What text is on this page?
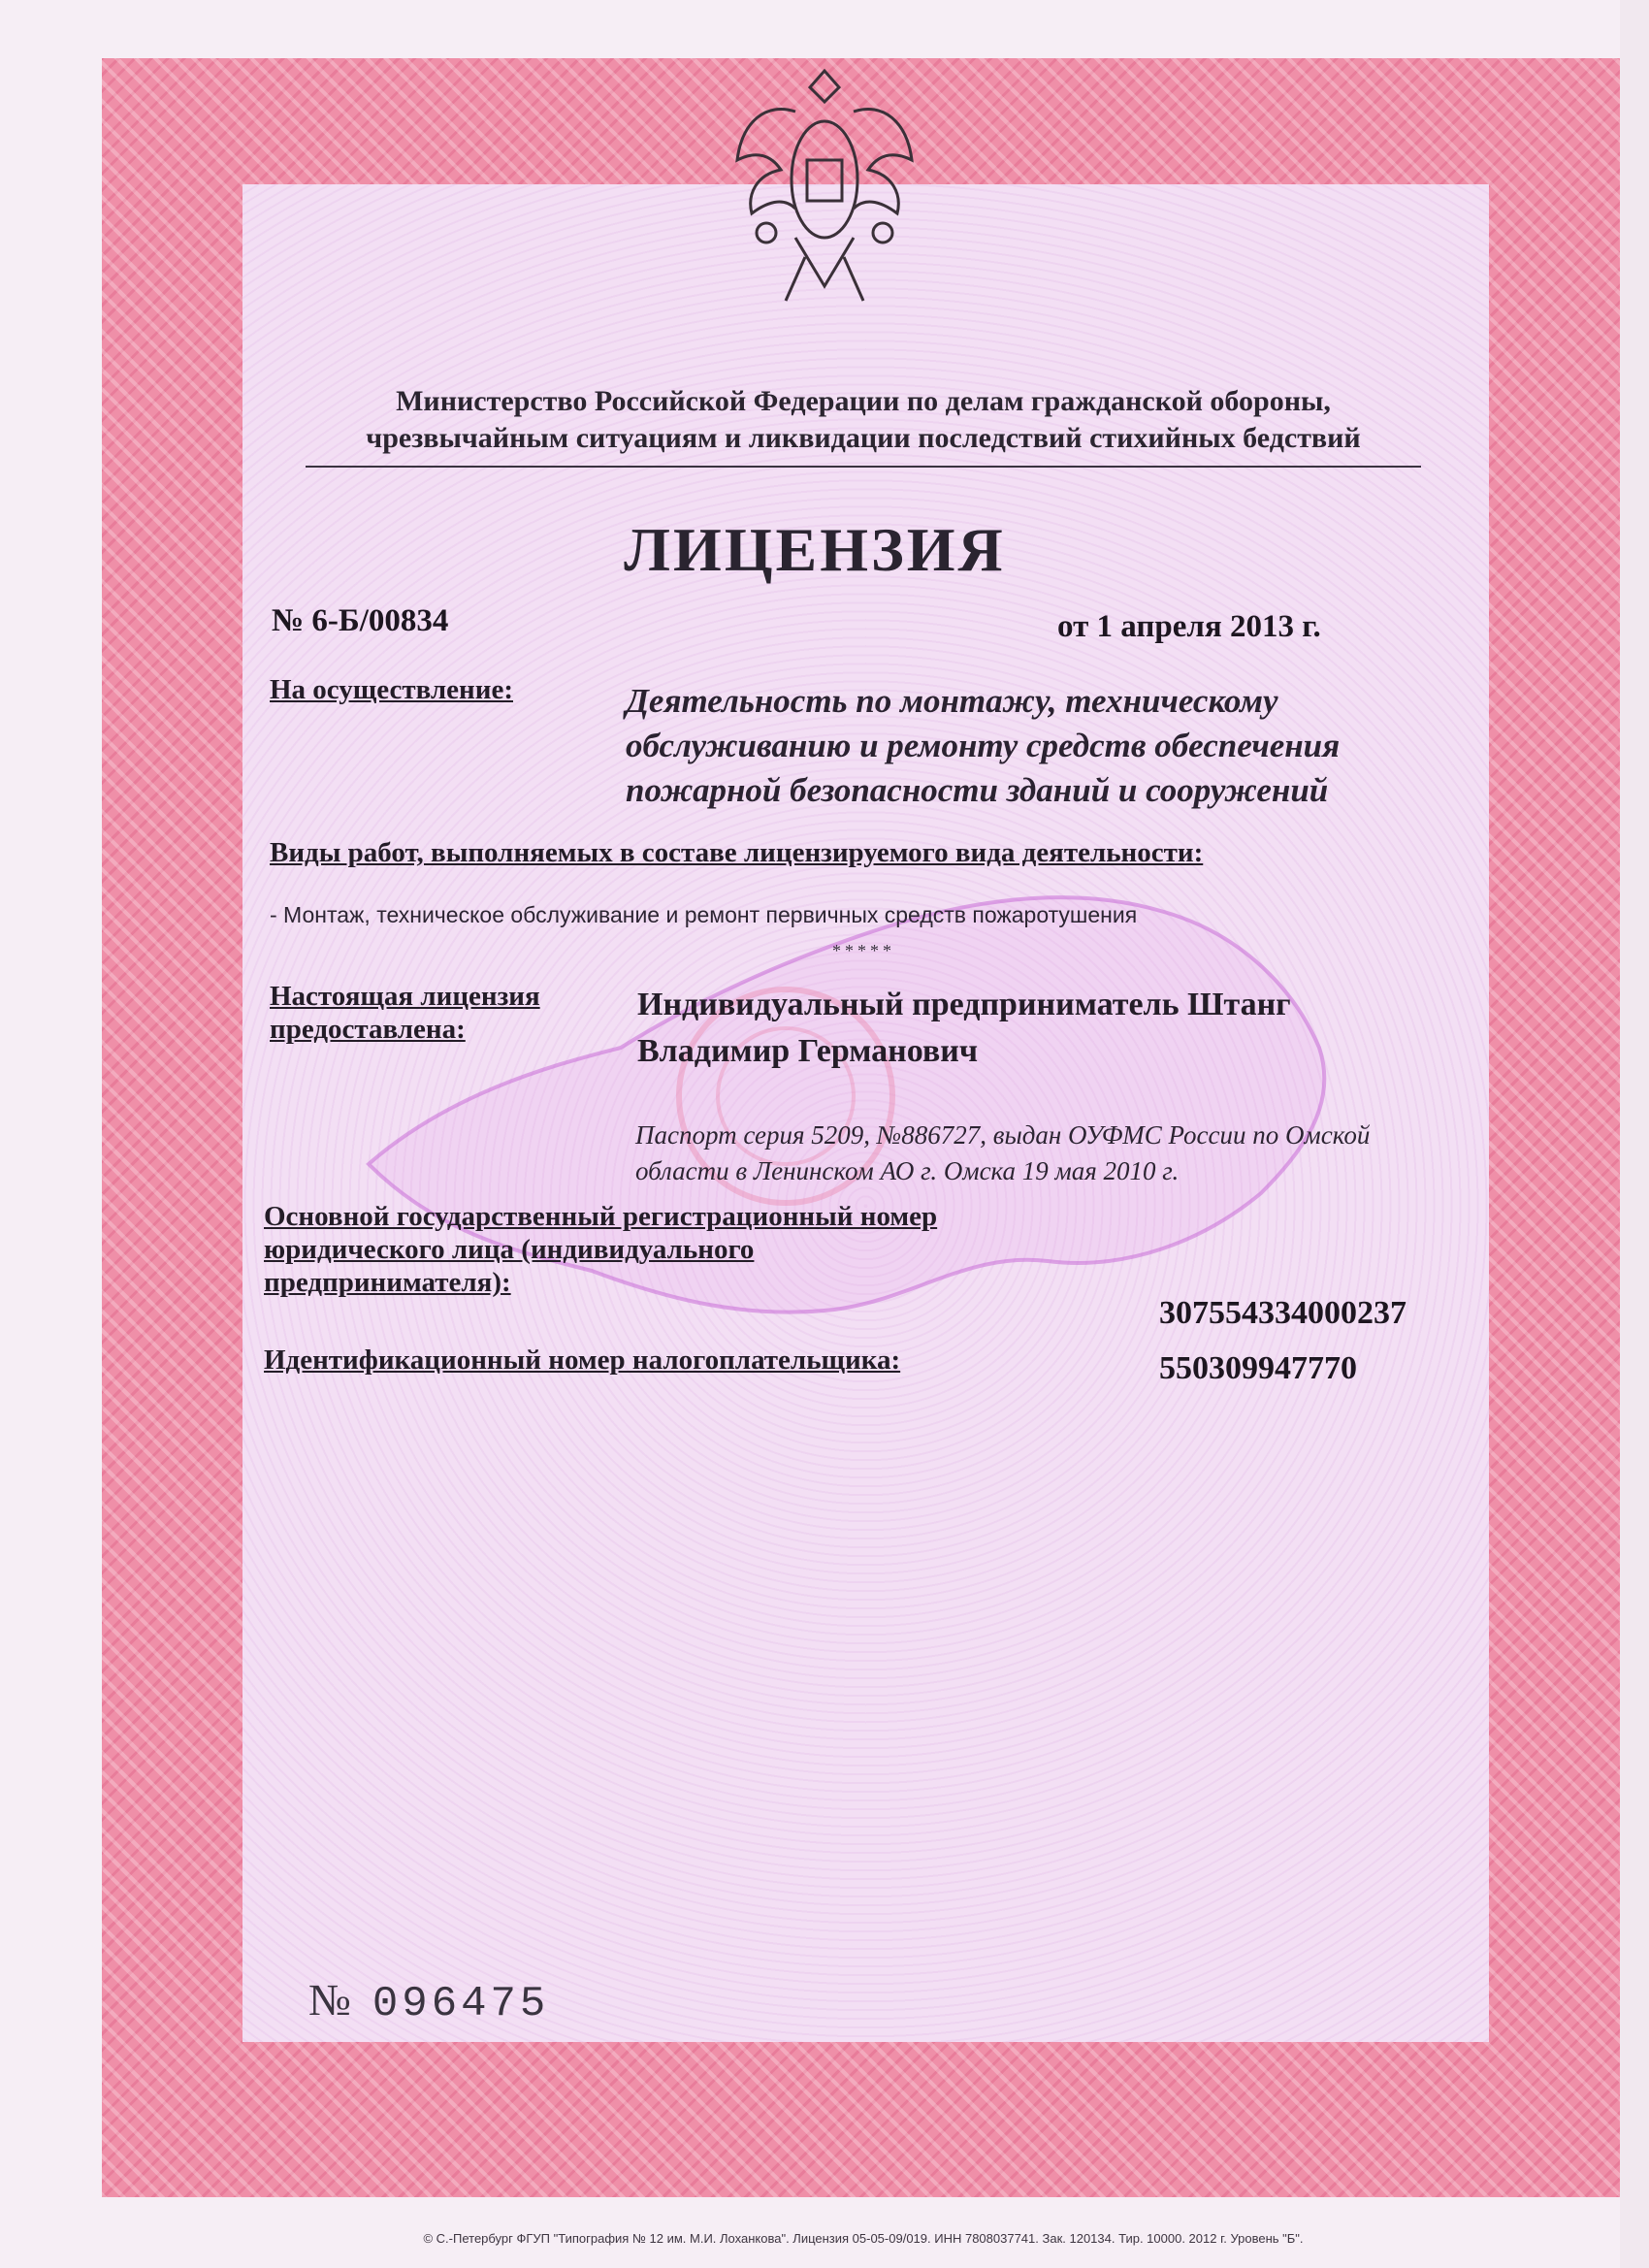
Министерство Российской Федерации по делам гражданской обороны, чрезвычайным ситуациям и ликвидации последствий стихийных бедствий
ЛИЦЕНЗИЯ
№ 6-Б/00834	от 1 апреля 2013 г.
На осуществление:	Деятельность по монтажу, техническому обслуживанию и ремонту средств обеспечения пожарной безопасности зданий и сооружений
Виды работ, выполняемых в составе лицензируемого вида деятельности:
- Монтаж, техническое обслуживание и ремонт первичных средств пожаротушения
*****
Настоящая лицензия предоставлена:
Индивидуальный предприниматель Штанг Владимир Германович
Паспорт серия 5209, №886727, выдан ОУФМС России по Омской области в Ленинском АО г. Омска 19 мая 2010 г.
Основной государственный регистрационный номер юридического лица (индивидуального предпринимателя):
307554334000237
Идентификационный номер налогоплательщика:	550309947770
№ 096475
© С.-Петербург ФГУП "Типография № 12 им. М.И. Лоханкова". Лицензия 05-05-09/019. ИНН 7808037741. Зак. 120134. Тир. 10000. 2012 г. Уровень "Б".
